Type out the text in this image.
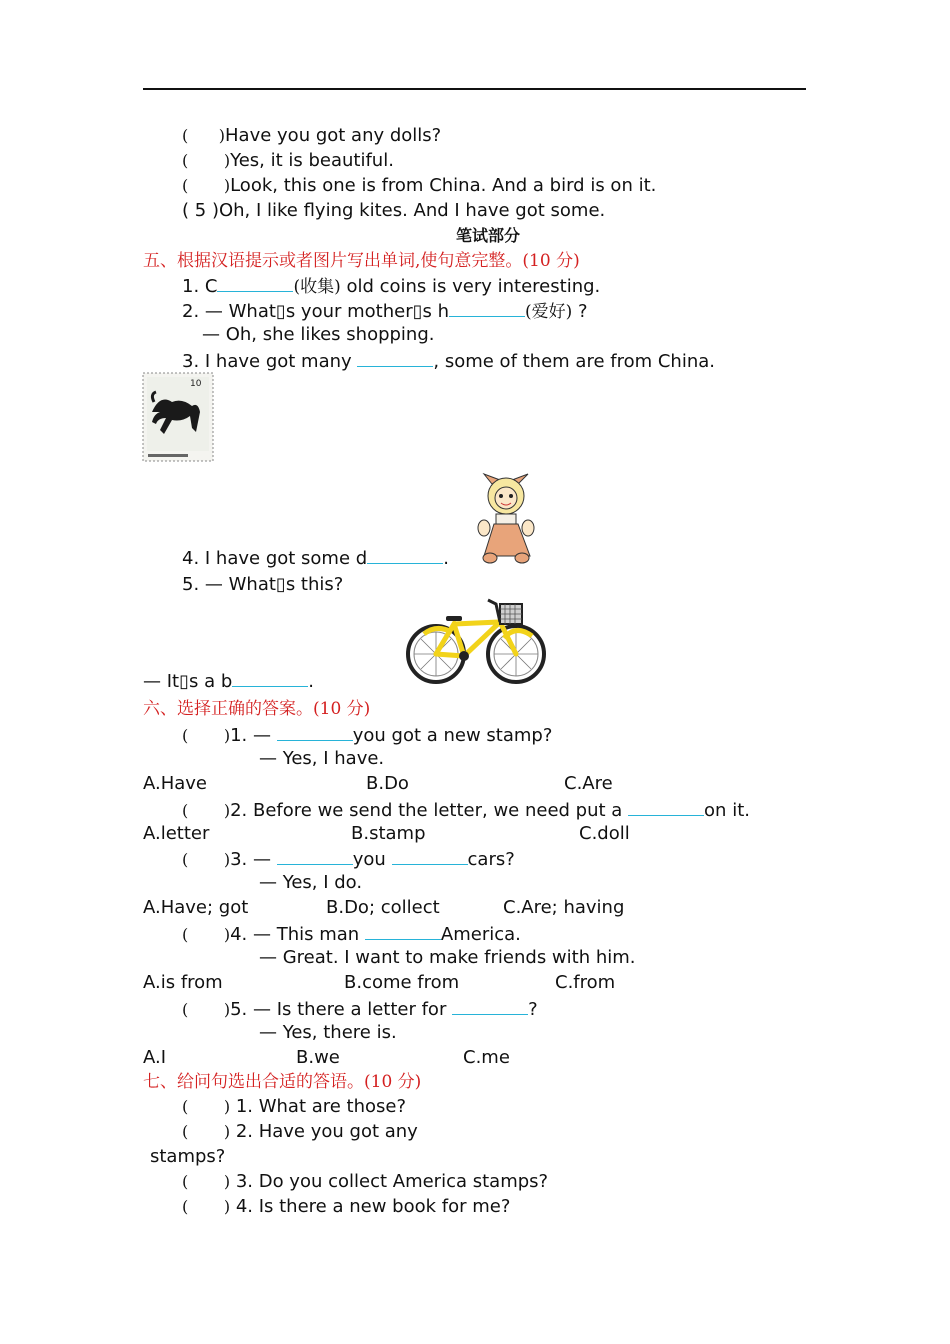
(      )Have you got any dolls?
(       )Yes, it is beautiful.
(       )Look, this one is from China. And a bird is on it.
( 5 )Oh, I like flying kites. And I have got some.
笔试部分
五、根据汉语提示或者图片写出单词,使句意完整。(10 分)
1. C	(收集) old coins is very interesting.
2. — What▯s your mother▯s h	(爱好) ?
— Oh, she likes shopping.
3. I have got many	, some of them are from China.
10
4. I have got some d	.
5. — What▯s this?
— It▯s a b	.
六、选择正确的答案。(10 分)
(       )1. —	you got a new stamp?
— Yes, I have.
A.Have	B.Do	C.Are
(       )2. Before we send the letter, we need put a	on it.
A.letter	B.stamp	C.doll
(       )3. —	you	cars?
— Yes, I do.
A.Have; got	B.Do; collect	C.Are; having
(       )4. — This man	America.
— Great. I want to make friends with him.
A.is from	B.come from	C.from
(       )5. — Is there a letter for	?
— Yes, there is.
A.I	B.we	C.me
七、给问句选出合适的答语。(10 分)
(       ) 1. What are those?
(       ) 2. Have you got any
stamps?
(       ) 3. Do you collect America stamps?
(       ) 4. Is there a new book for me?
